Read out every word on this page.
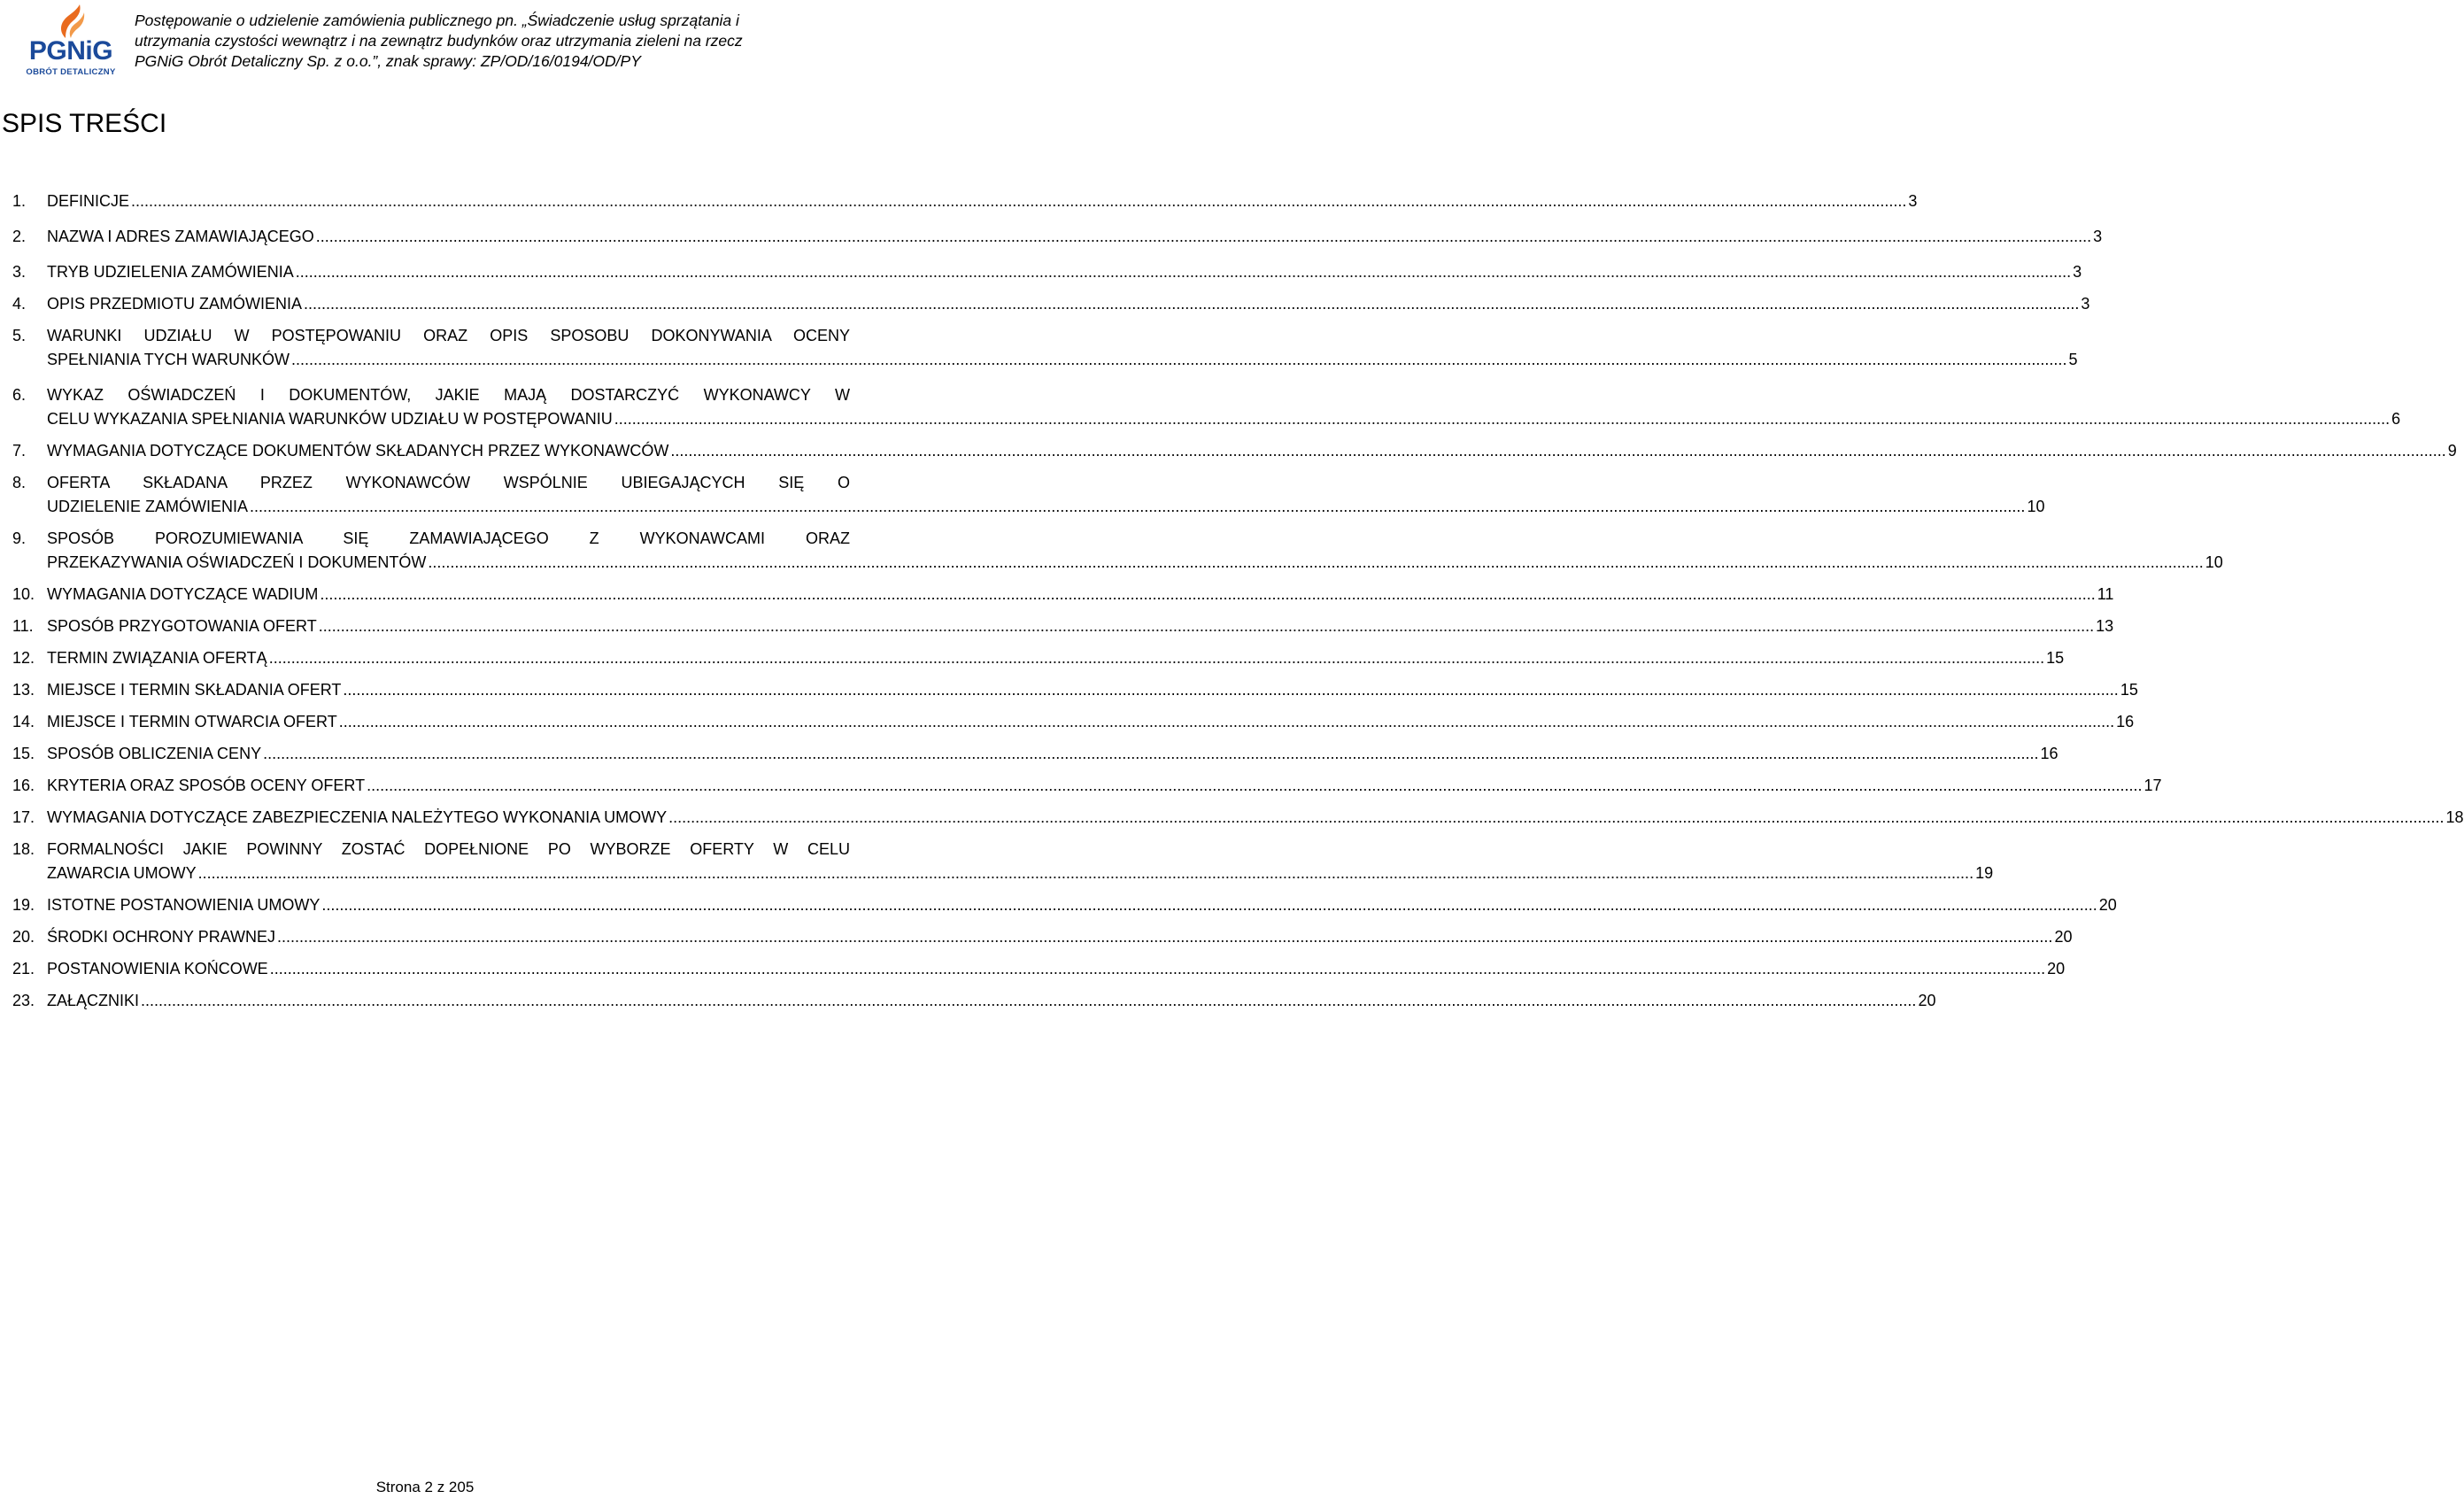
PGNiG
OBRÓT DETALICZNY
Postępowanie o udzielenie zamówienia publicznego pn. „Świadczenie usług sprzątania i
utrzymania czystości wewnątrz i na zewnątrz budynków oraz utrzymania zieleni na rzecz
PGNiG Obrót Detaliczny Sp. z o.o.”, znak sprawy: ZP/OD/16/0194/OD/PY
SPIS TREŚCI
1. DEFINICJE ................................................................................................................................................................................................................................................................................................................................................................................................................. 3
2. NAZWA I ADRES ZAMAWIAJĄCEGO ................................................................................................................................................................................................................................................................................................................................................................................................................. 3
3. TRYB UDZIELENIA ZAMÓWIENIA ................................................................................................................................................................................................................................................................................................................................................................................................................. 3
4. OPIS PRZEDMIOTU ZAMÓWIENIA ................................................................................................................................................................................................................................................................................................................................................................................................................. 3
5. WARUNKI UDZIAŁU W POSTĘPOWANIU ORAZ OPIS SPOSOBU DOKONYWANIA OCENY
SPEŁNIANIA TYCH WARUNKÓW ................................................................................................................................................................................................................................................................................................................................................................................................................. 5
6. WYKAZ OŚWIADCZEŃ I DOKUMENTÓW, JAKIE MAJĄ DOSTARCZYĆ WYKONAWCY W
CELU WYKAZANIA SPEŁNIANIA WARUNKÓW UDZIAŁU W POSTĘPOWANIU ................................................................................................................................................................................................................................................................................................................................................................................................................. 6
7. WYMAGANIA DOTYCZĄCE DOKUMENTÓW SKŁADANYCH PRZEZ WYKONAWCÓW ................................................................................................................................................................................................................................................................................................................................................................................................................. 9
8. OFERTA SKŁADANA PRZEZ WYKONAWCÓW WSPÓLNIE UBIEGAJĄCYCH SIĘ O
UDZIELENIE ZAMÓWIENIA ................................................................................................................................................................................................................................................................................................................................................................................................................. 10
9. SPOSÓB POROZUMIEWANIA SIĘ ZAMAWIAJĄCEGO Z WYKONAWCAMI ORAZ
PRZEKAZYWANIA OŚWIADCZEŃ I DOKUMENTÓW ................................................................................................................................................................................................................................................................................................................................................................................................................. 10
10. WYMAGANIA DOTYCZĄCE WADIUM ................................................................................................................................................................................................................................................................................................................................................................................................................. 11
11. SPOSÓB PRZYGOTOWANIA OFERT ................................................................................................................................................................................................................................................................................................................................................................................................................. 13
12. TERMIN ZWIĄZANIA OFERTĄ ................................................................................................................................................................................................................................................................................................................................................................................................................. 15
13. MIEJSCE I TERMIN SKŁADANIA OFERT ................................................................................................................................................................................................................................................................................................................................................................................................................. 15
14. MIEJSCE I TERMIN OTWARCIA OFERT ................................................................................................................................................................................................................................................................................................................................................................................................................. 16
15. SPOSÓB OBLICZENIA CENY ................................................................................................................................................................................................................................................................................................................................................................................................................. 16
16. KRYTERIA ORAZ SPOSÓB OCENY OFERT ................................................................................................................................................................................................................................................................................................................................................................................................................. 17
17. WYMAGANIA DOTYCZĄCE ZABEZPIECZENIA NALEŻYTEGO WYKONANIA UMOWY ................................................................................................................................................................................................................................................................................................................................................................................................................. 18
18. FORMALNOŚCI JAKIE POWINNY ZOSTAĆ DOPEŁNIONE PO WYBORZE OFERTY W CELU
ZAWARCIA UMOWY ................................................................................................................................................................................................................................................................................................................................................................................................................. 19
19. ISTOTNE POSTANOWIENIA UMOWY ................................................................................................................................................................................................................................................................................................................................................................................................................. 20
20. ŚRODKI OCHRONY PRAWNEJ ................................................................................................................................................................................................................................................................................................................................................................................................................. 20
21. POSTANOWIENIA KOŃCOWE ................................................................................................................................................................................................................................................................................................................................................................................................................. 20
23. ZAŁĄCZNIKI ................................................................................................................................................................................................................................................................................................................................................................................................................. 20
Strona 2 z 205
